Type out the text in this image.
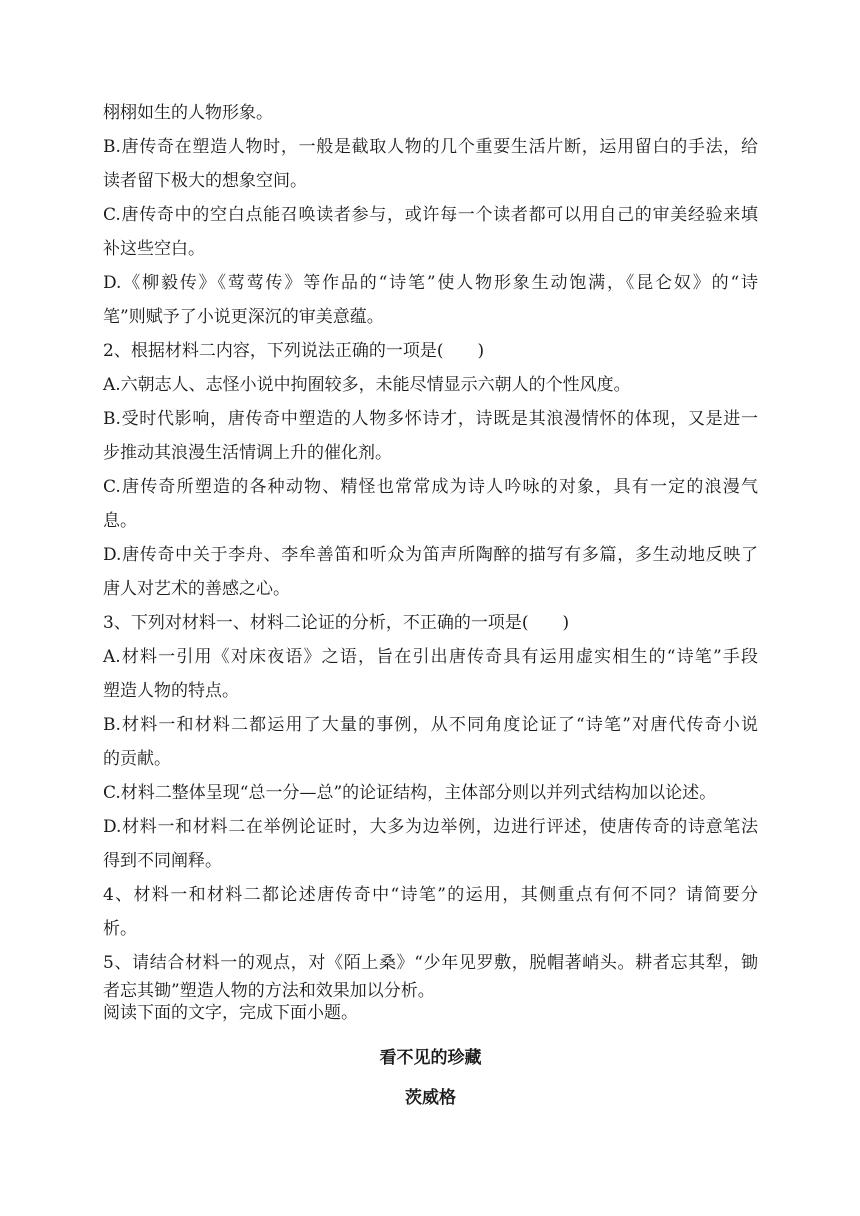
栩栩如生的人物形象。
B.唐传奇在塑造人物时，一般是截取人物的几个重要生活片断，运用留白的手法，给
读者留下极大的想象空间。
C.唐传奇中的空白点能召唤读者参与，或许每一个读者都可以用自己的审美经验来填
补这些空白。
D.《柳毅传》《莺莺传》等作品的“诗笔”使人物形象生动饱满，《昆仑奴》的“诗
笔”则赋予了小说更深沉的审美意蕴。
2、根据材料二内容，下列说法正确的一项是(　　)
A.六朝志人、志怪小说中拘囿较多，未能尽情显示六朝人的个性风度。
B.受时代影响，唐传奇中塑造的人物多怀诗才，诗既是其浪漫情怀的体现，又是进一
步推动其浪漫生活情调上升的催化剂。
C.唐传奇所塑造的各种动物、精怪也常常成为诗人吟咏的对象，具有一定的浪漫气
息。
D.唐传奇中关于李舟、李牟善笛和听众为笛声所陶醉的描写有多篇，多生动地反映了
唐人对艺术的善感之心。
3、下列对材料一、材料二论证的分析，不正确的一项是(　　)
A.材料一引用《对床夜语》之语，旨在引出唐传奇具有运用虚实相生的“诗笔”手段
塑造人物的特点。
B.材料一和材料二都运用了大量的事例，从不同角度论证了“诗笔”对唐代传奇小说
的贡献。
C.材料二整体呈现“总一分—总”的论证结构，主体部分则以并列式结构加以论述。
D.材料一和材料二在举例论证时，大多为边举例，边进行评述，使唐传奇的诗意笔法
得到不同阐释。
4、材料一和材料二都论述唐传奇中“诗笔”的运用，其侧重点有何不同？请简要分
析。
5、请结合材料一的观点，对《陌上桑》“少年见罗敷，脱帽著峭头。耕者忘其犁，锄
者忘其锄”塑造人物的方法和效果加以分析。
阅读下面的文字，完成下面小题。
看不见的珍藏
茨威格
